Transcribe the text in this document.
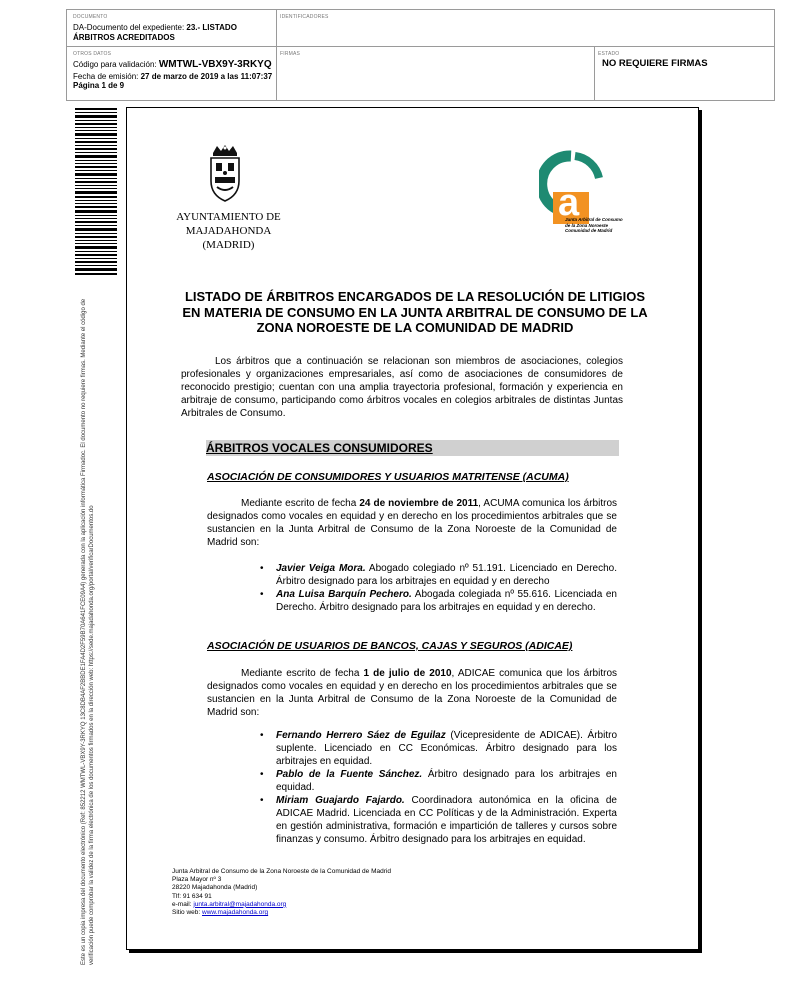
DOCUMENTO
DA-Documento del expediente: 23.- LISTADO ÁRBITROS ACREDITADOS
IDENTIFICADORES
OTROS DATOS
Código para validación: WMTWL-VBX9Y-3RKYQ
Fecha de emisión: 27 de marzo de 2019 a las 11:07:37
Página 1 de 9
FIRMAS	ESTADO
NO REQUIERE FIRMAS
Este es un copia impresa del documento electrónico (Ref: 852212 WMTWL-VBX9Y-3RKYQ 13C8DB4AF2BBDE1FA4D2F59B70A641FCE09A4) generada con la aplicación informática Firmadoc. El documento no requiere firmas. Mediante el código de verificación puede comprobar la validez de la firma electrónica de los documentos firmados en la dirección web: https://sede.majadahonda.org/portal/verificarDocumentos.do
AYUNTAMIENTO DE
MAJADAHONDA
(MADRID)
a
Junta Arbitral de Consumo
de la Zona Noroeste
Comunidad de Madrid
LISTADO DE ÁRBITROS ENCARGADOS DE LA RESOLUCIÓN DE LITIGIOS
EN MATERIA DE CONSUMO EN LA JUNTA ARBITRAL DE CONSUMO DE LA
ZONA NOROESTE DE LA COMUNIDAD DE MADRID
Los árbitros que a continuación se relacionan son miembros de asociaciones, colegios profesionales y organizaciones empresariales, así como de asociaciones de consumidores de reconocido prestigio; cuentan con una amplia trayectoria profesional, formación y experiencia en arbitraje de consumo, participando como árbitros vocales en colegios arbitrales de distintas Juntas Arbitrales de Consumo.
ÁRBITROS VOCALES CONSUMIDORES
ASOCIACIÓN DE CONSUMIDORES Y USUARIOS MATRITENSE (ACUMA)
Mediante escrito de fecha 24 de noviembre de 2011, ACUMA comunica los árbitros designados como vocales en equidad y en derecho en los procedimientos arbitrales que se sustancien en la Junta Arbitral de Consumo de la Zona Noroeste de la Comunidad de Madrid son:
• Javier Veiga Mora. Abogado colegiado nº 51.191. Licenciado en Derecho. Árbitro designado para los arbitrajes en equidad y en derecho
• Ana Luisa Barquín Pechero. Abogada colegiada nº 55.616. Licenciada en Derecho. Árbitro designado para los arbitrajes en equidad y en derecho.
ASOCIACIÓN DE USUARIOS DE BANCOS, CAJAS Y SEGUROS (ADICAE)
Mediante escrito de fecha 1 de julio de 2010, ADICAE comunica que los árbitros designados como vocales en equidad y en derecho en los procedimientos arbitrales que se sustancien en la Junta Arbitral de Consumo de la Zona Noroeste de la Comunidad de Madrid son:
• Fernando Herrero Sáez de Eguilaz (Vicepresidente de ADICAE). Árbitro suplente. Licenciado en CC Económicas. Árbitro designado para los arbitrajes en equidad.
• Pablo de la Fuente Sánchez. Árbitro designado para los arbitrajes en equidad.
• Miriam Guajardo Fajardo. Coordinadora autonómica en la oficina de ADICAE Madrid. Licenciada en CC Políticas y de la Administración. Experta en gestión administrativa, formación e impartición de talleres y cursos sobre finanzas y consumo. Árbitro designado para los arbitrajes en equidad.
Junta Arbitral de Consumo de la Zona Noroeste de la Comunidad de Madrid
Plaza Mayor nº 3
28220 Majadahonda (Madrid)
Tlf: 91 634 91
e-mail: junta.arbitral@majadahonda.org
Sitio web: www.majadahonda.org
